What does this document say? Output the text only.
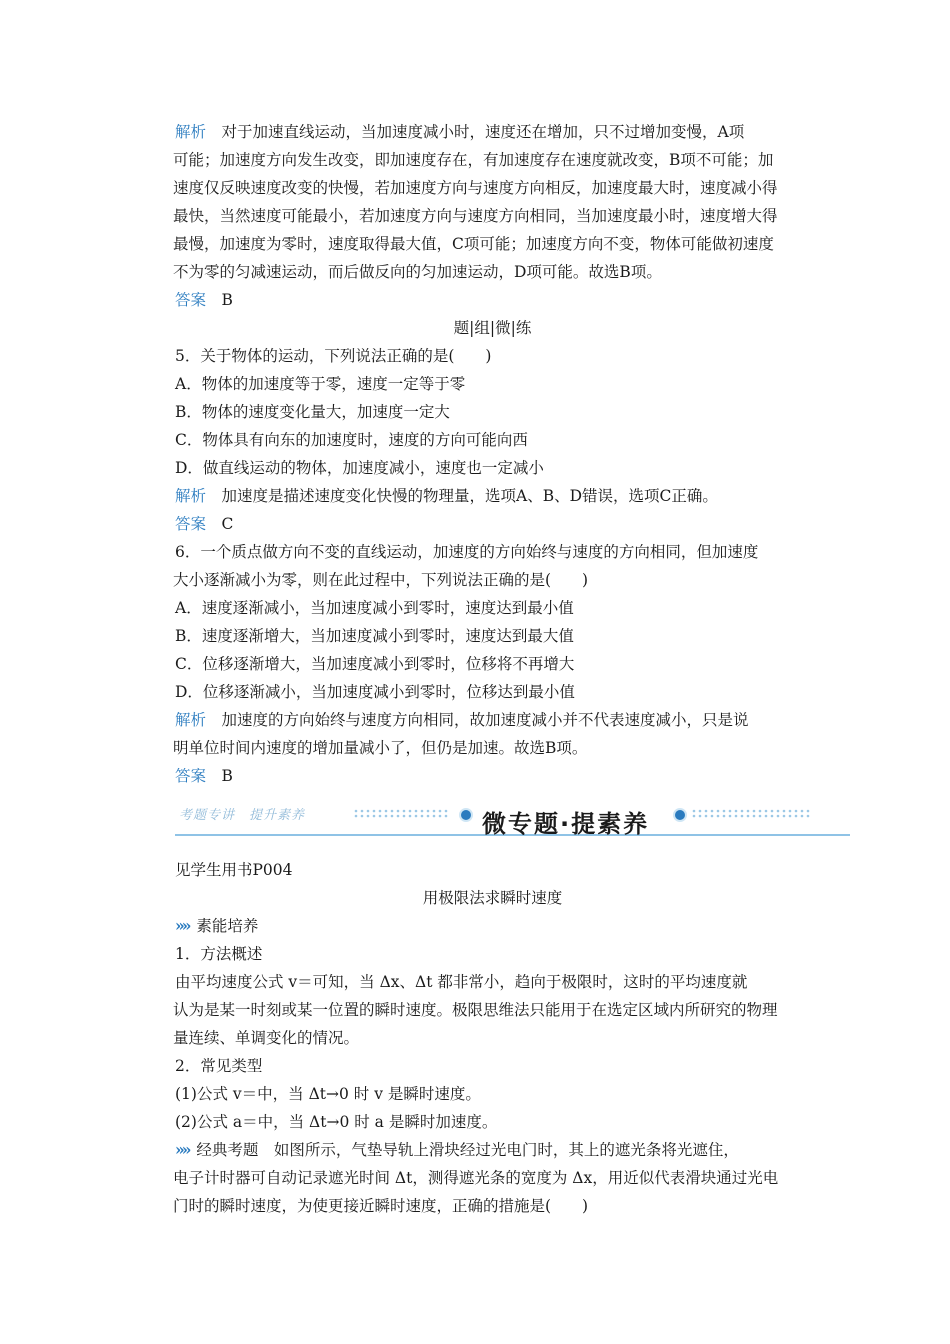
解析　 对于加速直线运动，当加速度减小时，速度还在增加，只不过增加变慢，A项

可能；加速度方向发生改变，即加速度存在，有加速度存在速度就改变，B项不可能；加

速度仅反映速度改变的快慢，若加速度方向与速度方向相反，加速度最大时，速度减小得

最快，当然速度可能最小，若加速度方向与速度方向相同，当加速度最小时，速度增大得

最慢，加速度为零时，速度取得最大值，C项可能；加速度方向不变，物体可能做初速度

不为零的匀减速运动，而后做反向的匀加速运动，D项可能。故选B项。

答案　 B

题|组|微|练

5．关于物体的运动，下列说法正确的是(　　)

A．物体的加速度等于零，速度一定等于零

B．物体的速度变化量大，加速度一定大

C．物体具有向东的加速度时，速度的方向可能向西

D．做直线运动的物体，加速度减小，速度也一定减小

解析　 加速度是描述速度变化快慢的物理量，选项A、B、D错误，选项C正确。

答案　 C

6．一个质点做方向不变的直线运动，加速度的方向始终与速度的方向相同，但加速度

大小逐渐减小为零，则在此过程中，下列说法正确的是(　　)

A．速度逐渐减小，当加速度减小到零时，速度达到最小值

B．速度逐渐增大，当加速度减小到零时，速度达到最大值

C．位移逐渐增大，当加速度减小到零时，位移将不再增大

D．位移逐渐减小，当加速度减小到零时，位移达到最小值

解析　 加速度的方向始终与速度方向相同，故加速度减小并不代表速度减小，只是说

明单位时间内速度的增加量减小了，但仍是加速。故选B项。

答案　 B

考题专讲　提升素养	微专题·提素养

见学生用书P004

用极限法求瞬时速度

»» 素能培养

1．方法概述

由平均速度公式 v＝可知，当 Δx、Δt 都非常小，趋向于极限时，这时的平均速度就

认为是某一时刻或某一位置的瞬时速度。极限思维法只能用于在选定区域内所研究的物理

量连续、单调变化的情况。

2．常见类型

(1)公式 v＝中，当 Δt→0 时 v 是瞬时速度。

(2)公式 a＝中，当 Δt→0 时 a 是瞬时加速度。

»» 经典考题　 如图所示，气垫导轨上滑块经过光电门时，其上的遮光条将光遮住，

电子计时器可自动记录遮光时间 Δt，测得遮光条的宽度为 Δx，用近似代表滑块通过光电

门时的瞬时速度，为使更接近瞬时速度，正确的措施是(　　)
